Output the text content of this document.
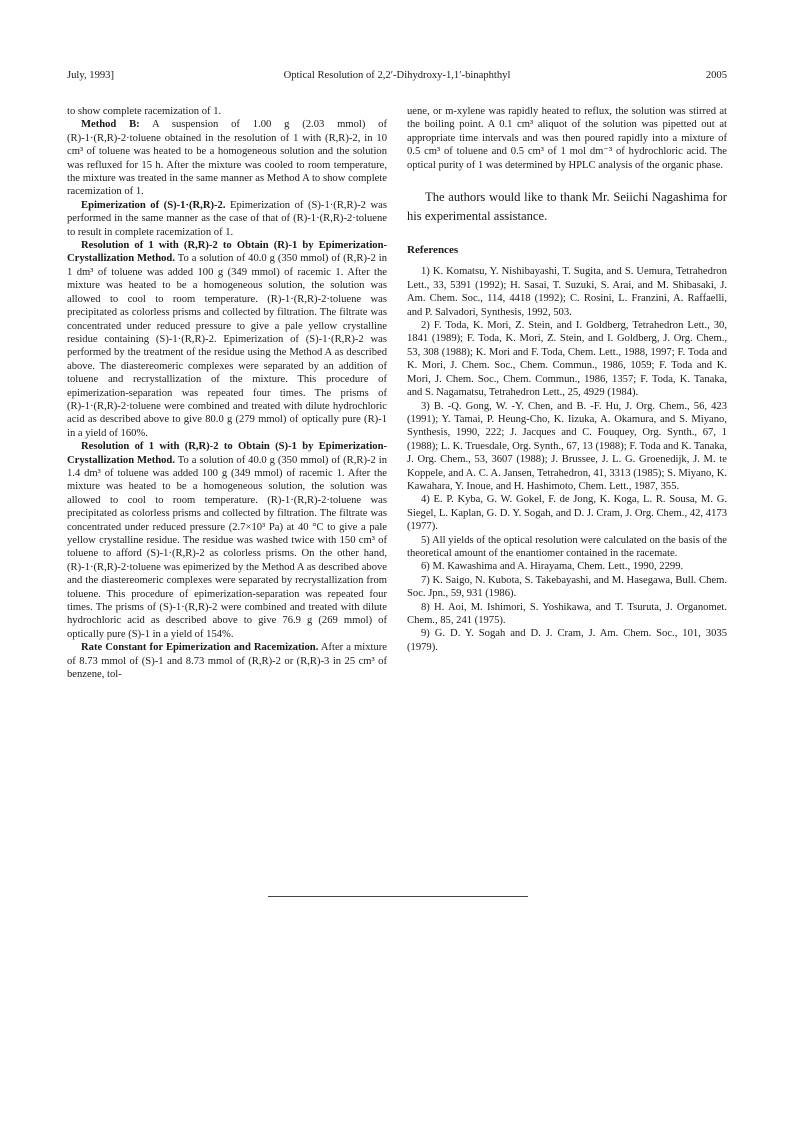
July, 1993]	Optical Resolution of 2,2′-Dihydroxy-1,1′-binaphthyl	2005

to show complete racemization of 1.

Method B: A suspension of 1.00 g (2.03 mmol) of (R)-1·(R,R)-2·toluene obtained in the resolution of 1 with (R,R)-2, in 10 cm³ of toluene was heated to be a homogeneous solution and the solution was refluxed for 15 h. After the mixture was cooled to room temperature, the mixture was treated in the same manner as Method A to show complete racemization of 1.

Epimerization of (S)-1·(R,R)-2. Epimerization of (S)-1·(R,R)-2 was performed in the same manner as the case of that of (R)-1·(R,R)-2·toluene to result in complete racemization of 1.

Resolution of 1 with (R,R)-2 to Obtain (R)-1 by Epimerization-Crystallization Method. To a solution of 40.0 g (350 mmol) of (R,R)-2 in 1 dm³ of toluene was added 100 g (349 mmol) of racemic 1. After the mixture was heated to be a homogeneous solution, the solution was allowed to cool to room temperature. (R)-1·(R,R)-2·toluene was precipitated as colorless prisms and collected by filtration. The filtrate was concentrated under reduced pressure to give a pale yellow crystalline residue containing (S)-1·(R,R)-2. Epimerization of (S)-1·(R,R)-2 was performed by the treatment of the residue using the Method A as described above. The diastereomeric complexes were separated by an addition of toluene and recrystallization of the mixture. This procedure of epimerization-separation was repeated four times. The prisms of (R)-1·(R,R)-2·toluene were combined and treated with dilute hydrochloric acid as described above to give 80.0 g (279 mmol) of optically pure (R)-1 in a yield of 160%.

Resolution of 1 with (R,R)-2 to Obtain (S)-1 by Epimerization-Crystallization Method. To a solution of 40.0 g (350 mmol) of (R,R)-2 in 1.4 dm³ of toluene was added 100 g (349 mmol) of racemic 1. After the mixture was heated to be a homogeneous solution, the solution was allowed to cool to room temperature. (R)-1·(R,R)-2·toluene was precipitated as colorless prisms and collected by filtration. The filtrate was concentrated under reduced pressure (2.7×10³ Pa) at 40 °C to give a pale yellow crystalline residue. The residue was washed twice with 150 cm³ of toluene to afford (S)-1·(R,R)-2 as colorless prisms. On the other hand, (R)-1·(R,R)-2·toluene was epimerized by the Method A as described above and the diastereomeric complexes were separated by recrystallization from toluene. This procedure of epimerization-separation was repeated four times. The prisms of (S)-1·(R,R)-2 were combined and treated with dilute hydrochloric acid as described above to give 76.9 g (269 mmol) of optically pure (S)-1 in a yield of 154%.

Rate Constant for Epimerization and Racemization. After a mixture of 8.73 mmol of (S)-1 and 8.73 mmol of (R,R)-2 or (R,R)-3 in 25 cm³ of benzene, tol-

uene, or m-xylene was rapidly heated to reflux, the solution was stirred at the boiling point. A 0.1 cm³ aliquot of the solution was pipetted out at appropriate time intervals and was then poured rapidly into a mixture of 0.5 cm³ of toluene and 0.5 cm³ of 1 mol dm⁻³ of hydrochloric acid. The optical purity of 1 was determined by HPLC analysis of the organic phase.

The authors would like to thank Mr. Seiichi Nagashima for his experimental assistance.

References

1) K. Komatsu, Y. Nishibayashi, T. Sugita, and S. Uemura, Tetrahedron Lett., 33, 5391 (1992); H. Sasai, T. Suzuki, S. Arai, and M. Shibasaki, J. Am. Chem. Soc., 114, 4418 (1992); C. Rosini, L. Franzini, A. Raffaelli, and P. Salvadori, Synthesis, 1992, 503.

2) F. Toda, K. Mori, Z. Stein, and I. Goldberg, Tetrahedron Lett., 30, 1841 (1989); F. Toda, K. Mori, Z. Stein, and I. Goldberg, J. Org. Chem., 53, 308 (1988); K. Mori and F. Toda, Chem. Lett., 1988, 1997; F. Toda and K. Mori, J. Chem. Soc., Chem. Commun., 1986, 1059; F. Toda and K. Mori, J. Chem. Soc., Chem. Commun., 1986, 1357; F. Toda, K. Tanaka, and S. Nagamatsu, Tetrahedron Lett., 25, 4929 (1984).

3) B. -Q. Gong, W. -Y. Chen, and B. -F. Hu, J. Org. Chem., 56, 423 (1991); Y. Tamai, P. Heung-Cho, K. Iizuka, A. Okamura, and S. Miyano, Synthesis, 1990, 222; J. Jacques and C. Fouquey, Org. Synth., 67, 1 (1988); L. K. Truesdale, Org. Synth., 67, 13 (1988); F. Toda and K. Tanaka, J. Org. Chem., 53, 3607 (1988); J. Brussee, J. L. G. Groenedijk, J. M. te Koppele, and A. C. A. Jansen, Tetrahedron, 41, 3313 (1985); S. Miyano, K. Kawahara, Y. Inoue, and H. Hashimoto, Chem. Lett., 1987, 355.

4) E. P. Kyba, G. W. Gokel, F. de Jong, K. Koga, L. R. Sousa, M. G. Siegel, L. Kaplan, G. D. Y. Sogah, and D. J. Cram, J. Org. Chem., 42, 4173 (1977).

5) All yields of the optical resolution were calculated on the basis of the theoretical amount of the enantiomer contained in the racemate.

6) M. Kawashima and A. Hirayama, Chem. Lett., 1990, 2299.

7) K. Saigo, N. Kubota, S. Takebayashi, and M. Hasegawa, Bull. Chem. Soc. Jpn., 59, 931 (1986).

8) H. Aoi, M. Ishimori, S. Yoshikawa, and T. Tsuruta, J. Organomet. Chem., 85, 241 (1975).

9) G. D. Y. Sogah and D. J. Cram, J. Am. Chem. Soc., 101, 3035 (1979).
